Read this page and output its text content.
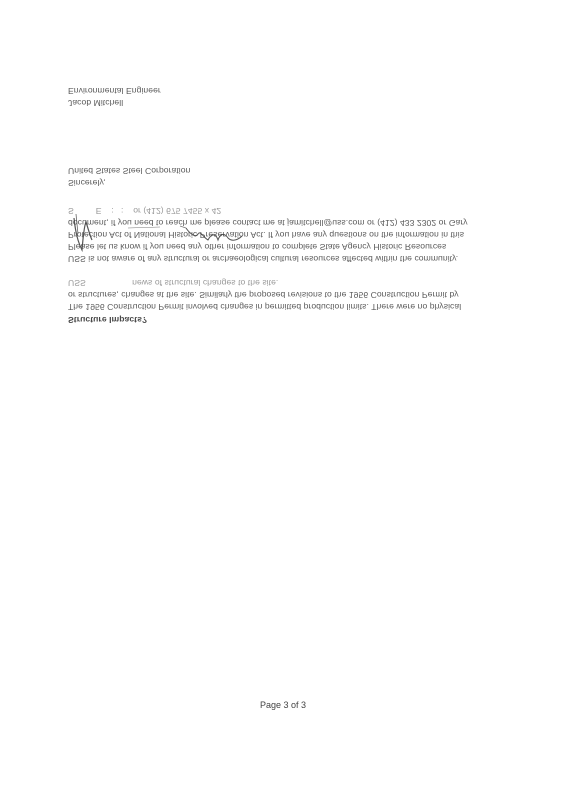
Environmental Engineer
Jacob Mitchell
United States Steel Corporation
Sincerely,
S         E    :   :    or (412) 675 7455 x 42
document, if you need to reach me please contact me at jamitchell@uss.com or (412) 433 2302 or Gary
Protection Act of National Historic Preservation Act. If you have any questions on the information in this
Please let us know if you need any other information to complete State Agency Historic Resources
USS is not aware of any structural or archaeological cultural resources affected within the community.
USS                   news of structural changes to the site.
or structures, changes at the site. Similarly the proposed revisions to the 1956 Construction Permit by
The 1956 Construction Permit involved changes in permitted production limits. There were no physical
Structure Impacts?
Page 3 of 3
